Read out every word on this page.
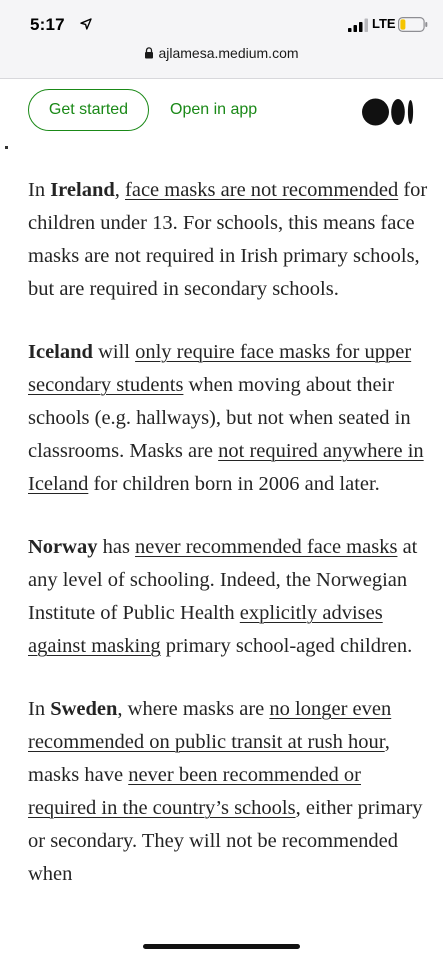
5:17	LTE
ajlamesa.medium.com
Get started	Open in app

In Ireland, face masks are not recommended for children under 13. For schools, this means face masks are not required in Irish primary schools, but are required in secondary schools.

Iceland will only require face masks for upper secondary students when moving about their schools (e.g. hallways), but not when seated in classrooms. Masks are not required anywhere in Iceland for children born in 2006 and later.

Norway has never recommended face masks at any level of schooling. Indeed, the Norwegian Institute of Public Health explicitly advises against masking primary school-aged children.

In Sweden, where masks are no longer even recommended on public transit at rush hour, masks have never been recommended or required in the country’s schools, either primary or secondary. They will not be recommended when
